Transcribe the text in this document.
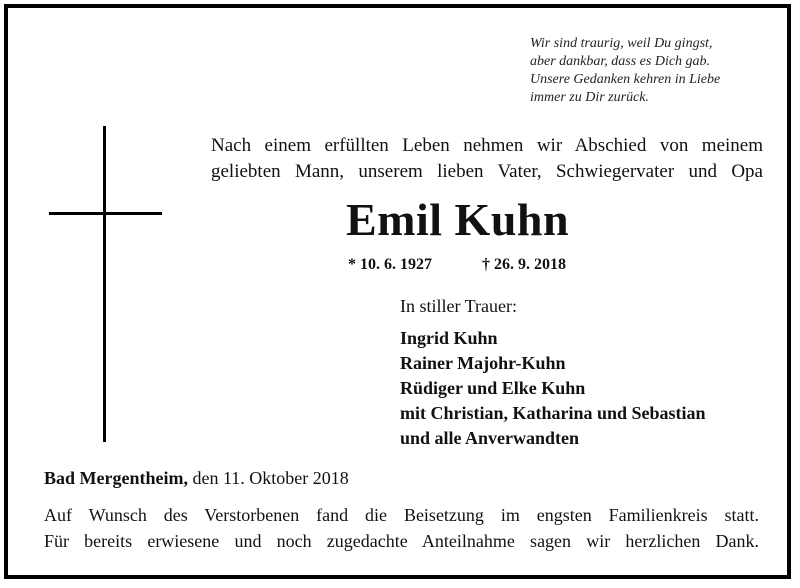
Wir sind traurig, weil Du gingst,
aber dankbar, dass es Dich gab.
Unsere Gedanken kehren in Liebe
immer zu Dir zurück.
Nach einem erfüllten Leben nehmen wir Abschied von meinem
geliebten Mann, unserem lieben Vater, Schwiegervater und Opa
Emil Kuhn
* 10. 6. 1927	† 26. 9. 2018
In stiller Trauer:
Ingrid Kuhn
Rainer Majohr-Kuhn
Rüdiger und Elke Kuhn
mit Christian, Katharina und Sebastian
und alle Anverwandten
Bad Mergentheim, den 11. Oktober 2018
Auf Wunsch des Verstorbenen fand die Beisetzung im engsten Familienkreis statt.
Für bereits erwiesene und noch zugedachte Anteilnahme sagen wir herzlichen Dank.
